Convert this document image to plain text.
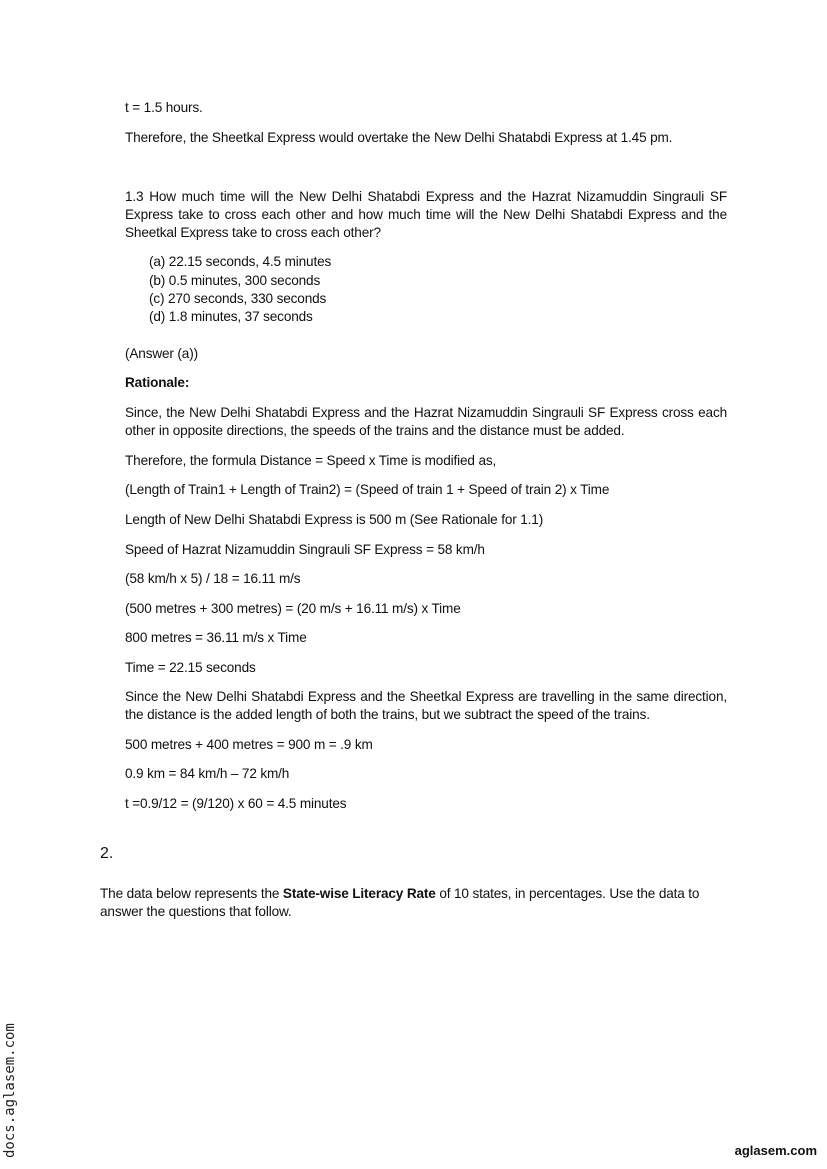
t = 1.5 hours.
Therefore, the Sheetkal Express would overtake the New Delhi Shatabdi Express at 1.45 pm.
1.3 How much time will the New Delhi Shatabdi Express and the Hazrat Nizamuddin Singrauli SF Express take to cross each other and how much time will the New Delhi Shatabdi Express and the Sheetkal Express take to cross each other?
(a) 22.15 seconds, 4.5 minutes
(b) 0.5 minutes, 300 seconds
(c) 270 seconds, 330 seconds
(d) 1.8 minutes, 37 seconds
(Answer (a))
Rationale:
Since, the New Delhi Shatabdi Express and the Hazrat Nizamuddin Singrauli SF Express cross each other in opposite directions, the speeds of the trains and the distance must be added.
Therefore, the formula Distance = Speed x Time is modified as,
(Length of Train1 + Length of Train2) = (Speed of train 1 + Speed of train 2) x Time
Length of New Delhi Shatabdi Express is 500 m (See Rationale for 1.1)
Speed of Hazrat Nizamuddin Singrauli SF Express = 58 km/h
(58 km/h x 5) / 18 = 16.11 m/s
(500 metres + 300 metres) = (20 m/s + 16.11 m/s) x Time
800 metres = 36.11 m/s x Time
Time = 22.15 seconds
Since the New Delhi Shatabdi Express and the Sheetkal Express are travelling in the same direction, the distance is the added length of both the trains, but we subtract the speed of the trains.
500 metres + 400 metres = 900 m = .9 km
0.9 km = 84 km/h – 72 km/h
t =0.9/12 = (9/120) x 60 = 4.5 minutes
2.
The data below represents the State-wise Literacy Rate of 10 states, in percentages. Use the data to answer the questions that follow.
docs.aglasem.com	aglasem.com
